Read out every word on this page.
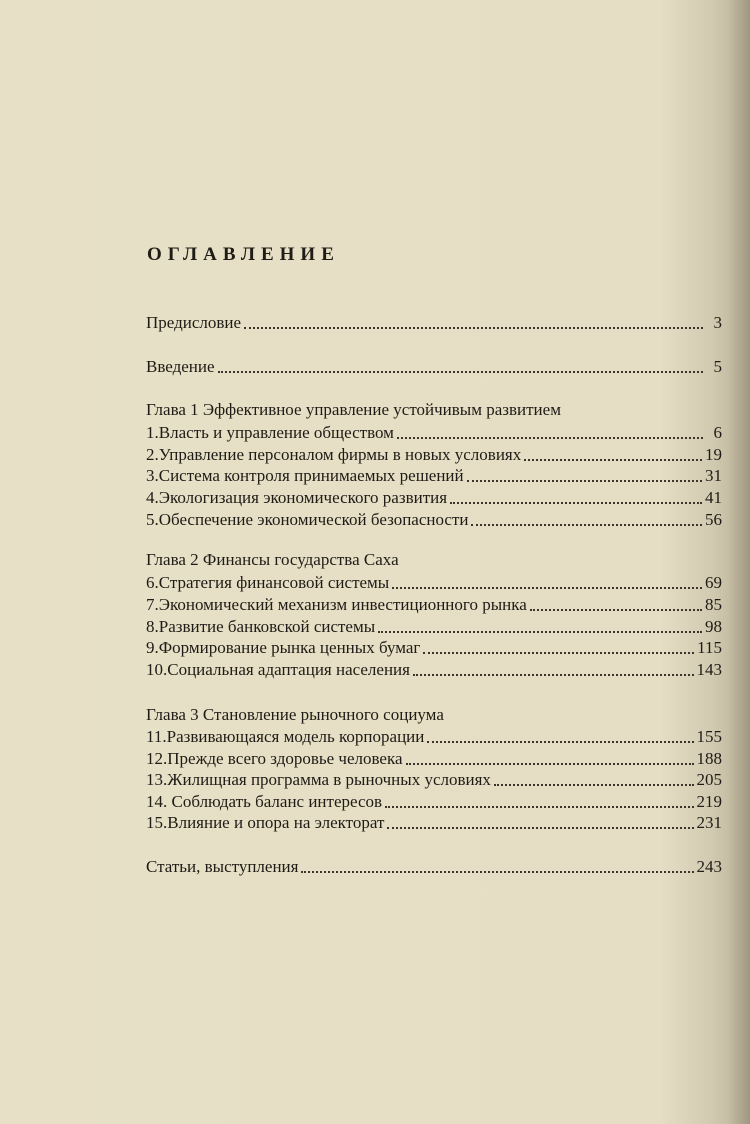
ОГЛАВЛЕНИЕ
Предисловие	3
Введение	5
Глава 1 Эффективное управление устойчивым развитием
1.Власть и управление обществом	6
2.Управление персоналом фирмы в новых условиях	19
3.Система контроля принимаемых решений	31
4.Экологизация экономического развития	41
5.Обеспечение экономической безопасности	56
Глава 2 Финансы государства Саха
6.Стратегия финансовой системы	69
7.Экономический механизм инвестиционного рынка	85
8.Развитие банковской системы	98
9.Формирование рынка ценных бумаг	115
10.Социальная адаптация населения	143
Глава 3 Становление рыночного социума
11.Развивающаяся модель корпорации	155
12.Прежде всего здоровье человека	188
13.Жилищная программа в рыночных условиях	205
14. Соблюдать баланс интересов	219
15.Влияние и опора на электорат	231
Статьи, выступления	243
